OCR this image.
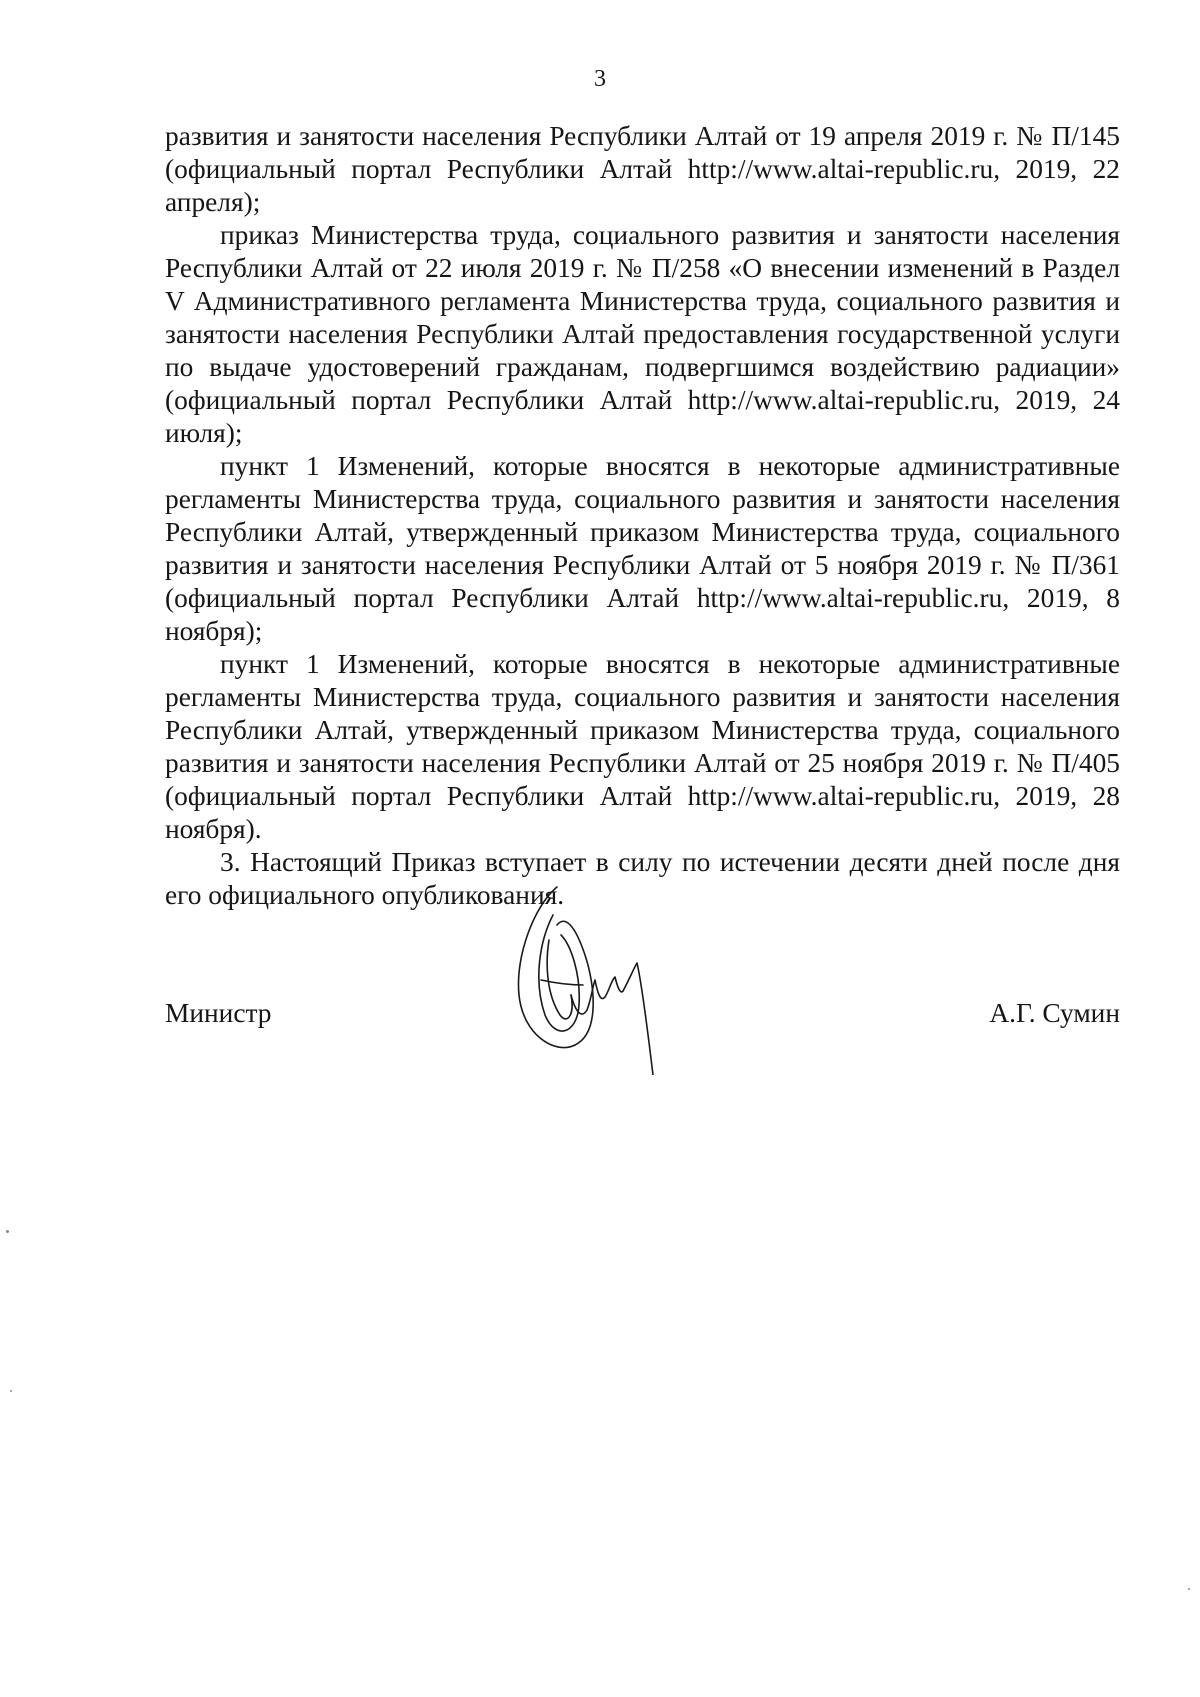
3

развития и занятости населения Республики Алтай от 19 апреля 2019 г. № П/145 (официальный портал Республики Алтай http://www.altai-republic.ru, 2019, 22 апреля);

приказ Министерства труда, социального развития и занятости населения Республики Алтай от 22 июля 2019 г. № П/258 «О внесении изменений в Раздел V Административного регламента Министерства труда, социального развития и занятости населения Республики Алтай предоставления государственной услуги по выдаче удостоверений гражданам, подвергшимся воздействию радиации» (официальный портал Республики Алтай http://www.altai-republic.ru, 2019, 24 июля);

пункт 1 Изменений, которые вносятся в некоторые административные регламенты Министерства труда, социального развития и занятости населения Республики Алтай, утвержденный приказом Министерства труда, социального развития и занятости населения Республики Алтай от 5 ноября 2019 г. № П/361 (официальный портал Республики Алтай http://www.altai-republic.ru, 2019, 8 ноября);

пункт 1 Изменений, которые вносятся в некоторые административные регламенты Министерства труда, социального развития и занятости населения Республики Алтай, утвержденный приказом Министерства труда, социального развития и занятости населения Республики Алтай от 25 ноября 2019 г. № П/405 (официальный портал Республики Алтай http://www.altai-republic.ru, 2019, 28 ноября).

3. Настоящий Приказ вступает в силу по истечении десяти дней после дня его официального опубликования.

Министр	А.Г. Сумин
